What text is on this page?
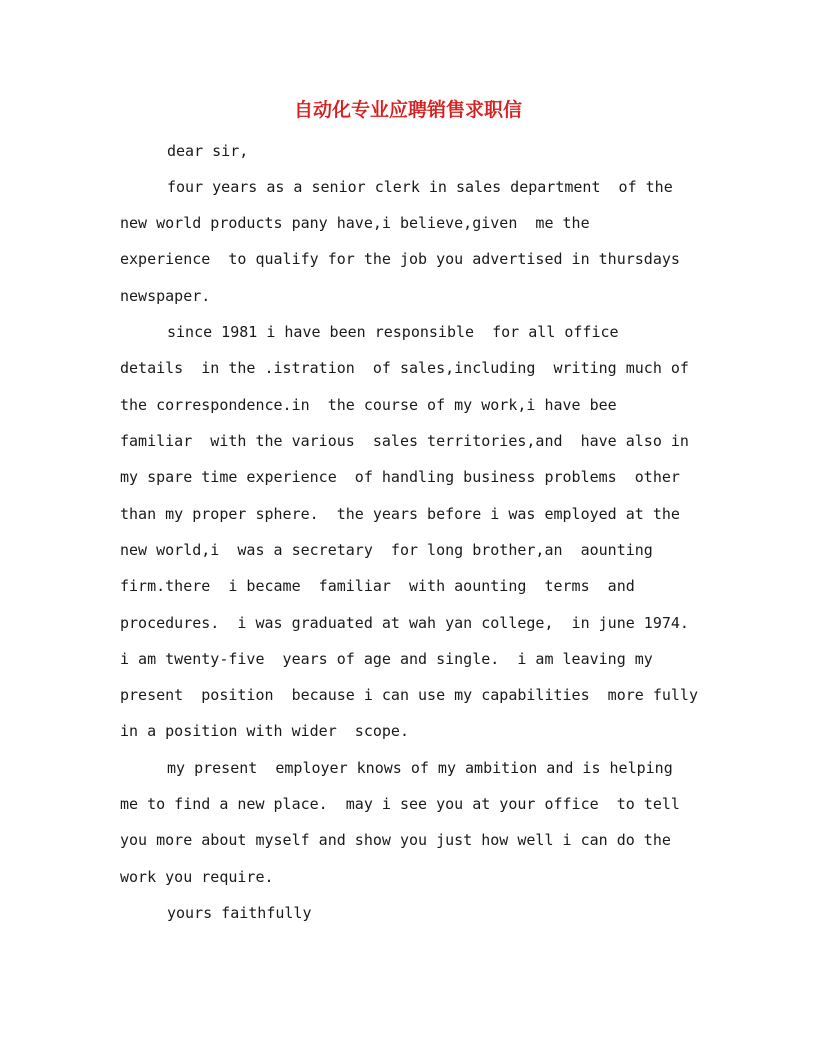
自动化专业应聘销售求职信
dear sir,
four years as a senior clerk in sales department  of the
new world products pany have,i believe,given  me the
experience  to qualify for the job you advertised in thursdays
newspaper.
since 1981 i have been responsible  for all office
details  in the .istration  of sales,including  writing much of
the correspondence.in  the course of my work,i have bee
familiar  with the various  sales territories,and  have also in
my spare time experience  of handling business problems  other
than my proper sphere.  the years before i was employed at the
new world,i  was a secretary  for long brother,an  aounting
firm.there  i became  familiar  with aounting  terms  and
procedures.  i was graduated at wah yan college,  in june 1974.
i am twenty-five  years of age and single.  i am leaving my
present  position  because i can use my capabilities  more fully
in a position with wider  scope.
my present  employer knows of my ambition and is helping
me to find a new place.  may i see you at your office  to tell
you more about myself and show you just how well i can do the
work you require.
yours faithfully
